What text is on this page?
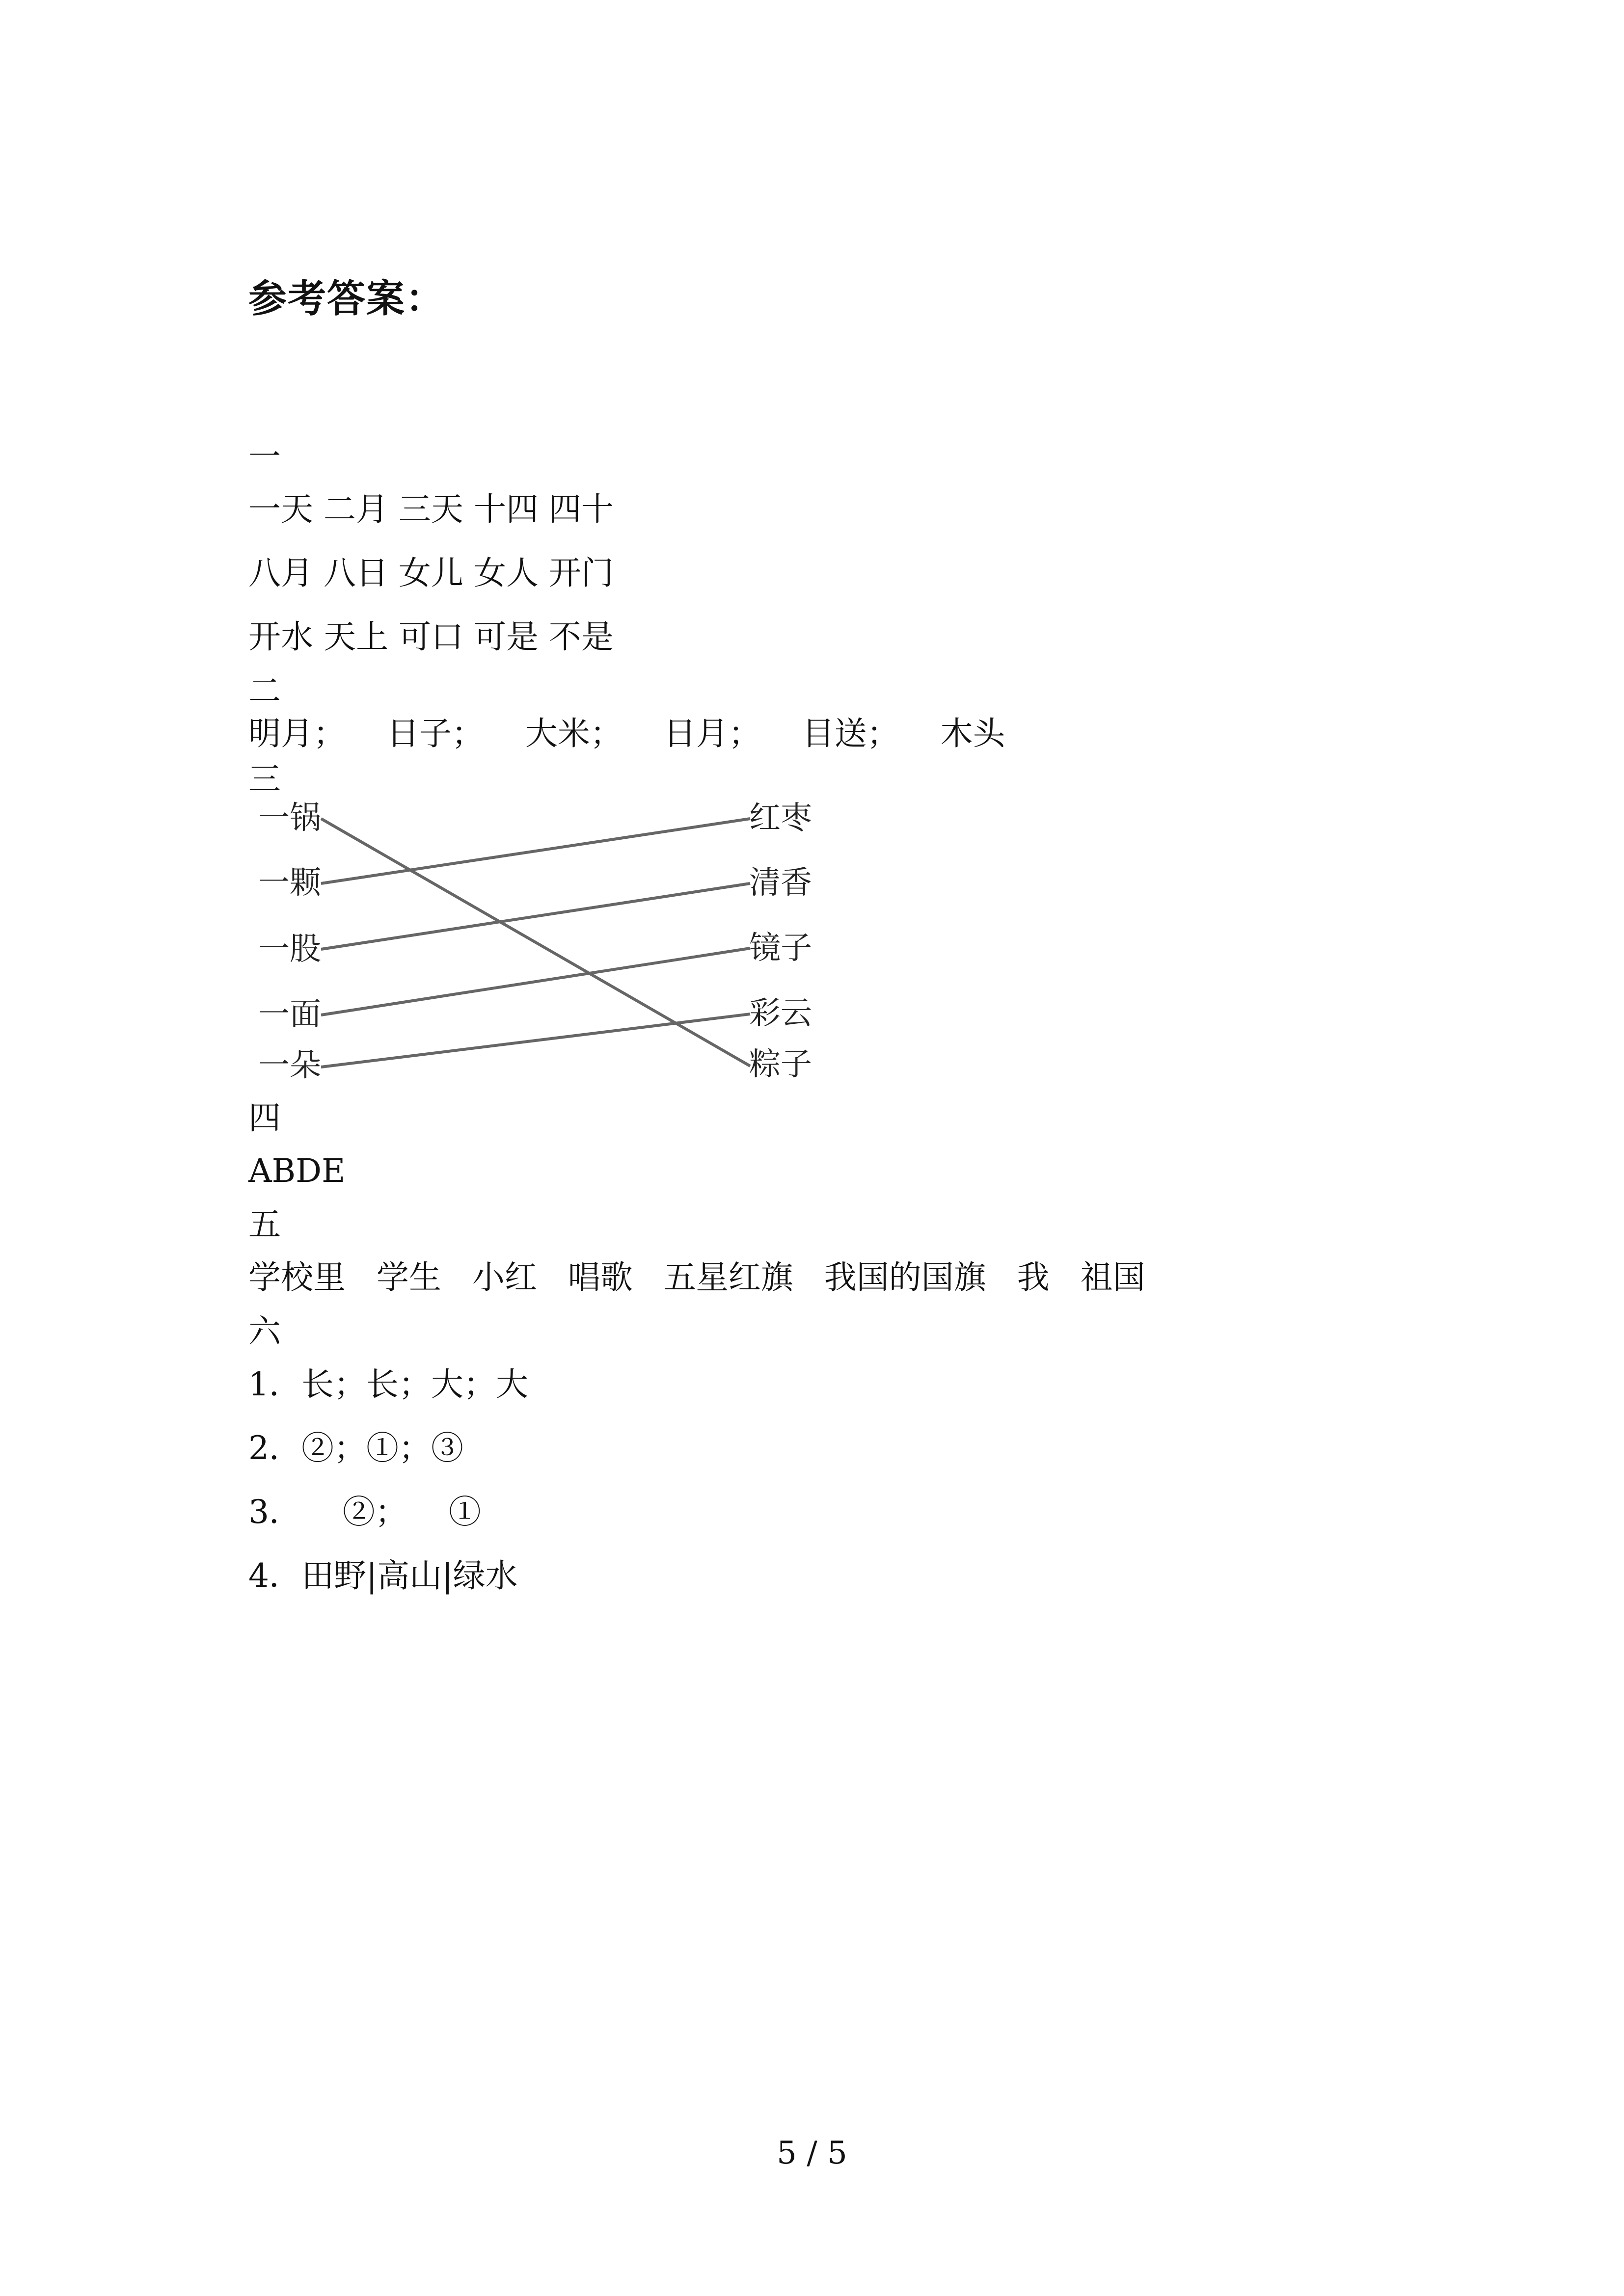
参考答案：
一
一天 二月 三天 十四 四十
八月 八日 女儿 女人 开门
开水 天上 可口 可是 不是
二
明月；    日子；    大米；    日月；    目送；    木头
三
一锅
一颗
一股
一面
一朵
红枣
清香
镜子
彩云
粽子
四
ABDE
五
学校里   学生   小红   唱歌   五星红旗   我国的国旗   我   祖国
六
1．长；长；大；大
2．②；①；③
3．    ②；    ①
4．田野|高山|绿水
5 / 5
